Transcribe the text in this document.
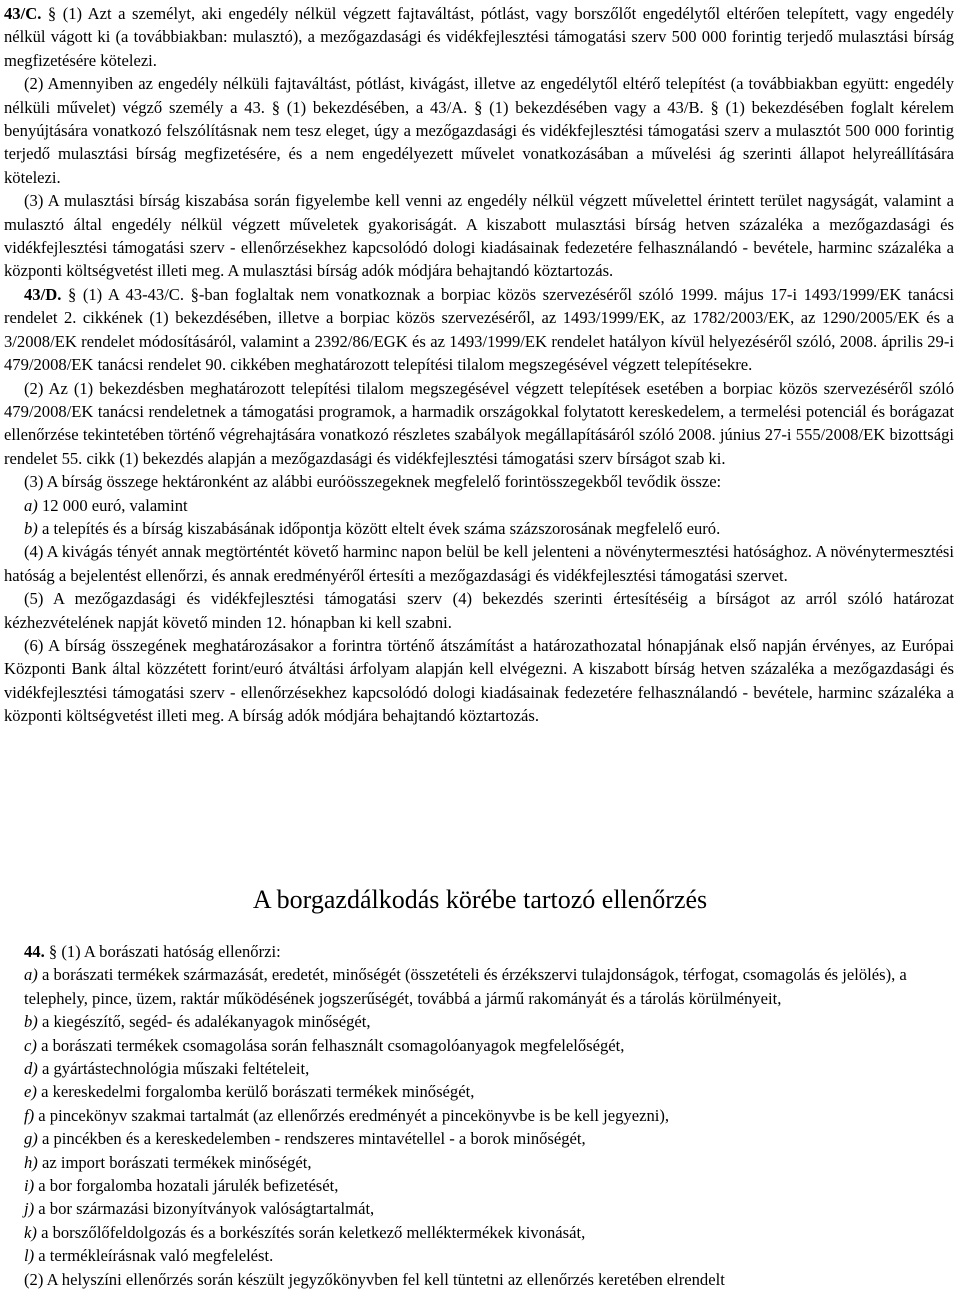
43/C. § (1) Azt a személyt, aki engedély nélkül végzett fajtaváltást, pótlást, vagy borszőlőt engedélytől eltérően telepített, vagy engedély nélkül vágott ki (a továbbiakban: mulasztó), a mezőgazdasági és vidékfejlesztési támogatási szerv 500 000 forintig terjedő mulasztási bírság megfizetésére kötelezi.

(2) Amennyiben az engedély nélküli fajtaváltást, pótlást, kivágást, illetve az engedélytől eltérő telepítést (a továbbiakban együtt: engedély nélküli művelet) végző személy a 43. § (1) bekezdésében, a 43/A. § (1) bekezdésében vagy a 43/B. § (1) bekezdésében foglalt kérelem benyújtására vonatkozó felszólításnak nem tesz eleget, úgy a mezőgazdasági és vidékfejlesztési támogatási szerv a mulasztót 500 000 forintig terjedő mulasztási bírság megfizetésére, és a nem engedélyezett művelet vonatkozásában a művelési ág szerinti állapot helyreállítására kötelezi.

(3) A mulasztási bírság kiszabása során figyelembe kell venni az engedély nélkül végzett művelettel érintett terület nagyságát, valamint a mulasztó által engedély nélkül végzett műveletek gyakoriságát. A kiszabott mulasztási bírság hetven százaléka a mezőgazdasági és vidékfejlesztési támogatási szerv - ellenőrzésekhez kapcsolódó dologi kiadásainak fedezetére felhasználandó - bevétele, harminc százaléka a központi költségvetést illeti meg. A mulasztási bírság adók módjára behajtandó köztartozás.

43/D. § (1) A 43-43/C. §-ban foglaltak nem vonatkoznak a borpiac közös szervezéséről szóló 1999. május 17-i 1493/1999/EK tanácsi rendelet 2. cikkének (1) bekezdésében, illetve a borpiac közös szervezéséről, az 1493/1999/EK, az 1782/2003/EK, az 1290/2005/EK és a 3/2008/EK rendelet módosításáról, valamint a 2392/86/EGK és az 1493/1999/EK rendelet hatályon kívül helyezéséről szóló, 2008. április 29-i 479/2008/EK tanácsi rendelet 90. cikkében meghatározott telepítési tilalom megszegésével végzett telepítésekre.

(2) Az (1) bekezdésben meghatározott telepítési tilalom megszegésével végzett telepítések esetében a borpiac közös szervezéséről szóló 479/2008/EK tanácsi rendeletnek a támogatási programok, a harmadik országokkal folytatott kereskedelem, a termelési potenciál és borágazat ellenőrzése tekintetében történő végrehajtására vonatkozó részletes szabályok megállapításáról szóló 2008. június 27-i 555/2008/EK bizottsági rendelet 55. cikk (1) bekezdés alapján a mezőgazdasági és vidékfejlesztési támogatási szerv bírságot szab ki.

(3) A bírság összege hektáronként az alábbi euróösszegeknek megfelelő forintösszegekből tevődik össze:

a) 12 000 euró, valamint

b) a telepítés és a bírság kiszabásának időpontja között eltelt évek száma százszorosának megfelelő euró.

(4) A kivágás tényét annak megtörténtét követő harminc napon belül be kell jelenteni a növénytermesztési hatósághoz. A növénytermesztési hatóság a bejelentést ellenőrzi, és annak eredményéről értesíti a mezőgazdasági és vidékfejlesztési támogatási szervet.

(5) A mezőgazdasági és vidékfejlesztési támogatási szerv (4) bekezdés szerinti értesítéséig a bírságot az arról szóló határozat kézhezvételének napját követő minden 12. hónapban ki kell szabni.

(6) A bírság összegének meghatározásakor a forintra történő átszámítást a határozathozatal hónapjának első napján érvényes, az Európai Központi Bank által közzétett forint/euró átváltási árfolyam alapján kell elvégezni. A kiszabott bírság hetven százaléka a mezőgazdasági és vidékfejlesztési támogatási szerv - ellenőrzésekhez kapcsolódó dologi kiadásainak fedezetére felhasználandó - bevétele, harminc százaléka a központi költségvetést illeti meg. A bírság adók módjára behajtandó köztartozás.

A borgazdálkodás körébe tartozó ellenőrzés

44. § (1) A borászati hatóság ellenőrzi:

a) a borászati termékek származását, eredetét, minőségét (összetételi és érzékszervi tulajdonságok, térfogat, csomagolás és jelölés), a telephely, pince, üzem, raktár működésének jogszerűségét, továbbá a jármű rakományát és a tárolás körülményeit,

b) a kiegészítő, segéd- és adalékanyagok minőségét,

c) a borászati termékek csomagolása során felhasznált csomagolóanyagok megfelelőségét,

d) a gyártástechnológia műszaki feltételeit,

e) a kereskedelmi forgalomba kerülő borászati termékek minőségét,

f) a pincekönyv szakmai tartalmát (az ellenőrzés eredményét a pincekönyvbe is be kell jegyezni),

g) a pincékben és a kereskedelemben - rendszeres mintavétellel - a borok minőségét,

h) az import borászati termékek minőségét,

i) a bor forgalomba hozatali járulék befizetését,

j) a bor származási bizonyítványok valóságtartalmát,

k) a borszőlőfeldolgozás és a borkészítés során keletkező melléktermékek kivonását,

l) a termékleírásnak való megfelelést.

(2) A helyszíni ellenőrzés során készült jegyzőkönyvben fel kell tüntetni az ellenőrzés keretében elrendelt
